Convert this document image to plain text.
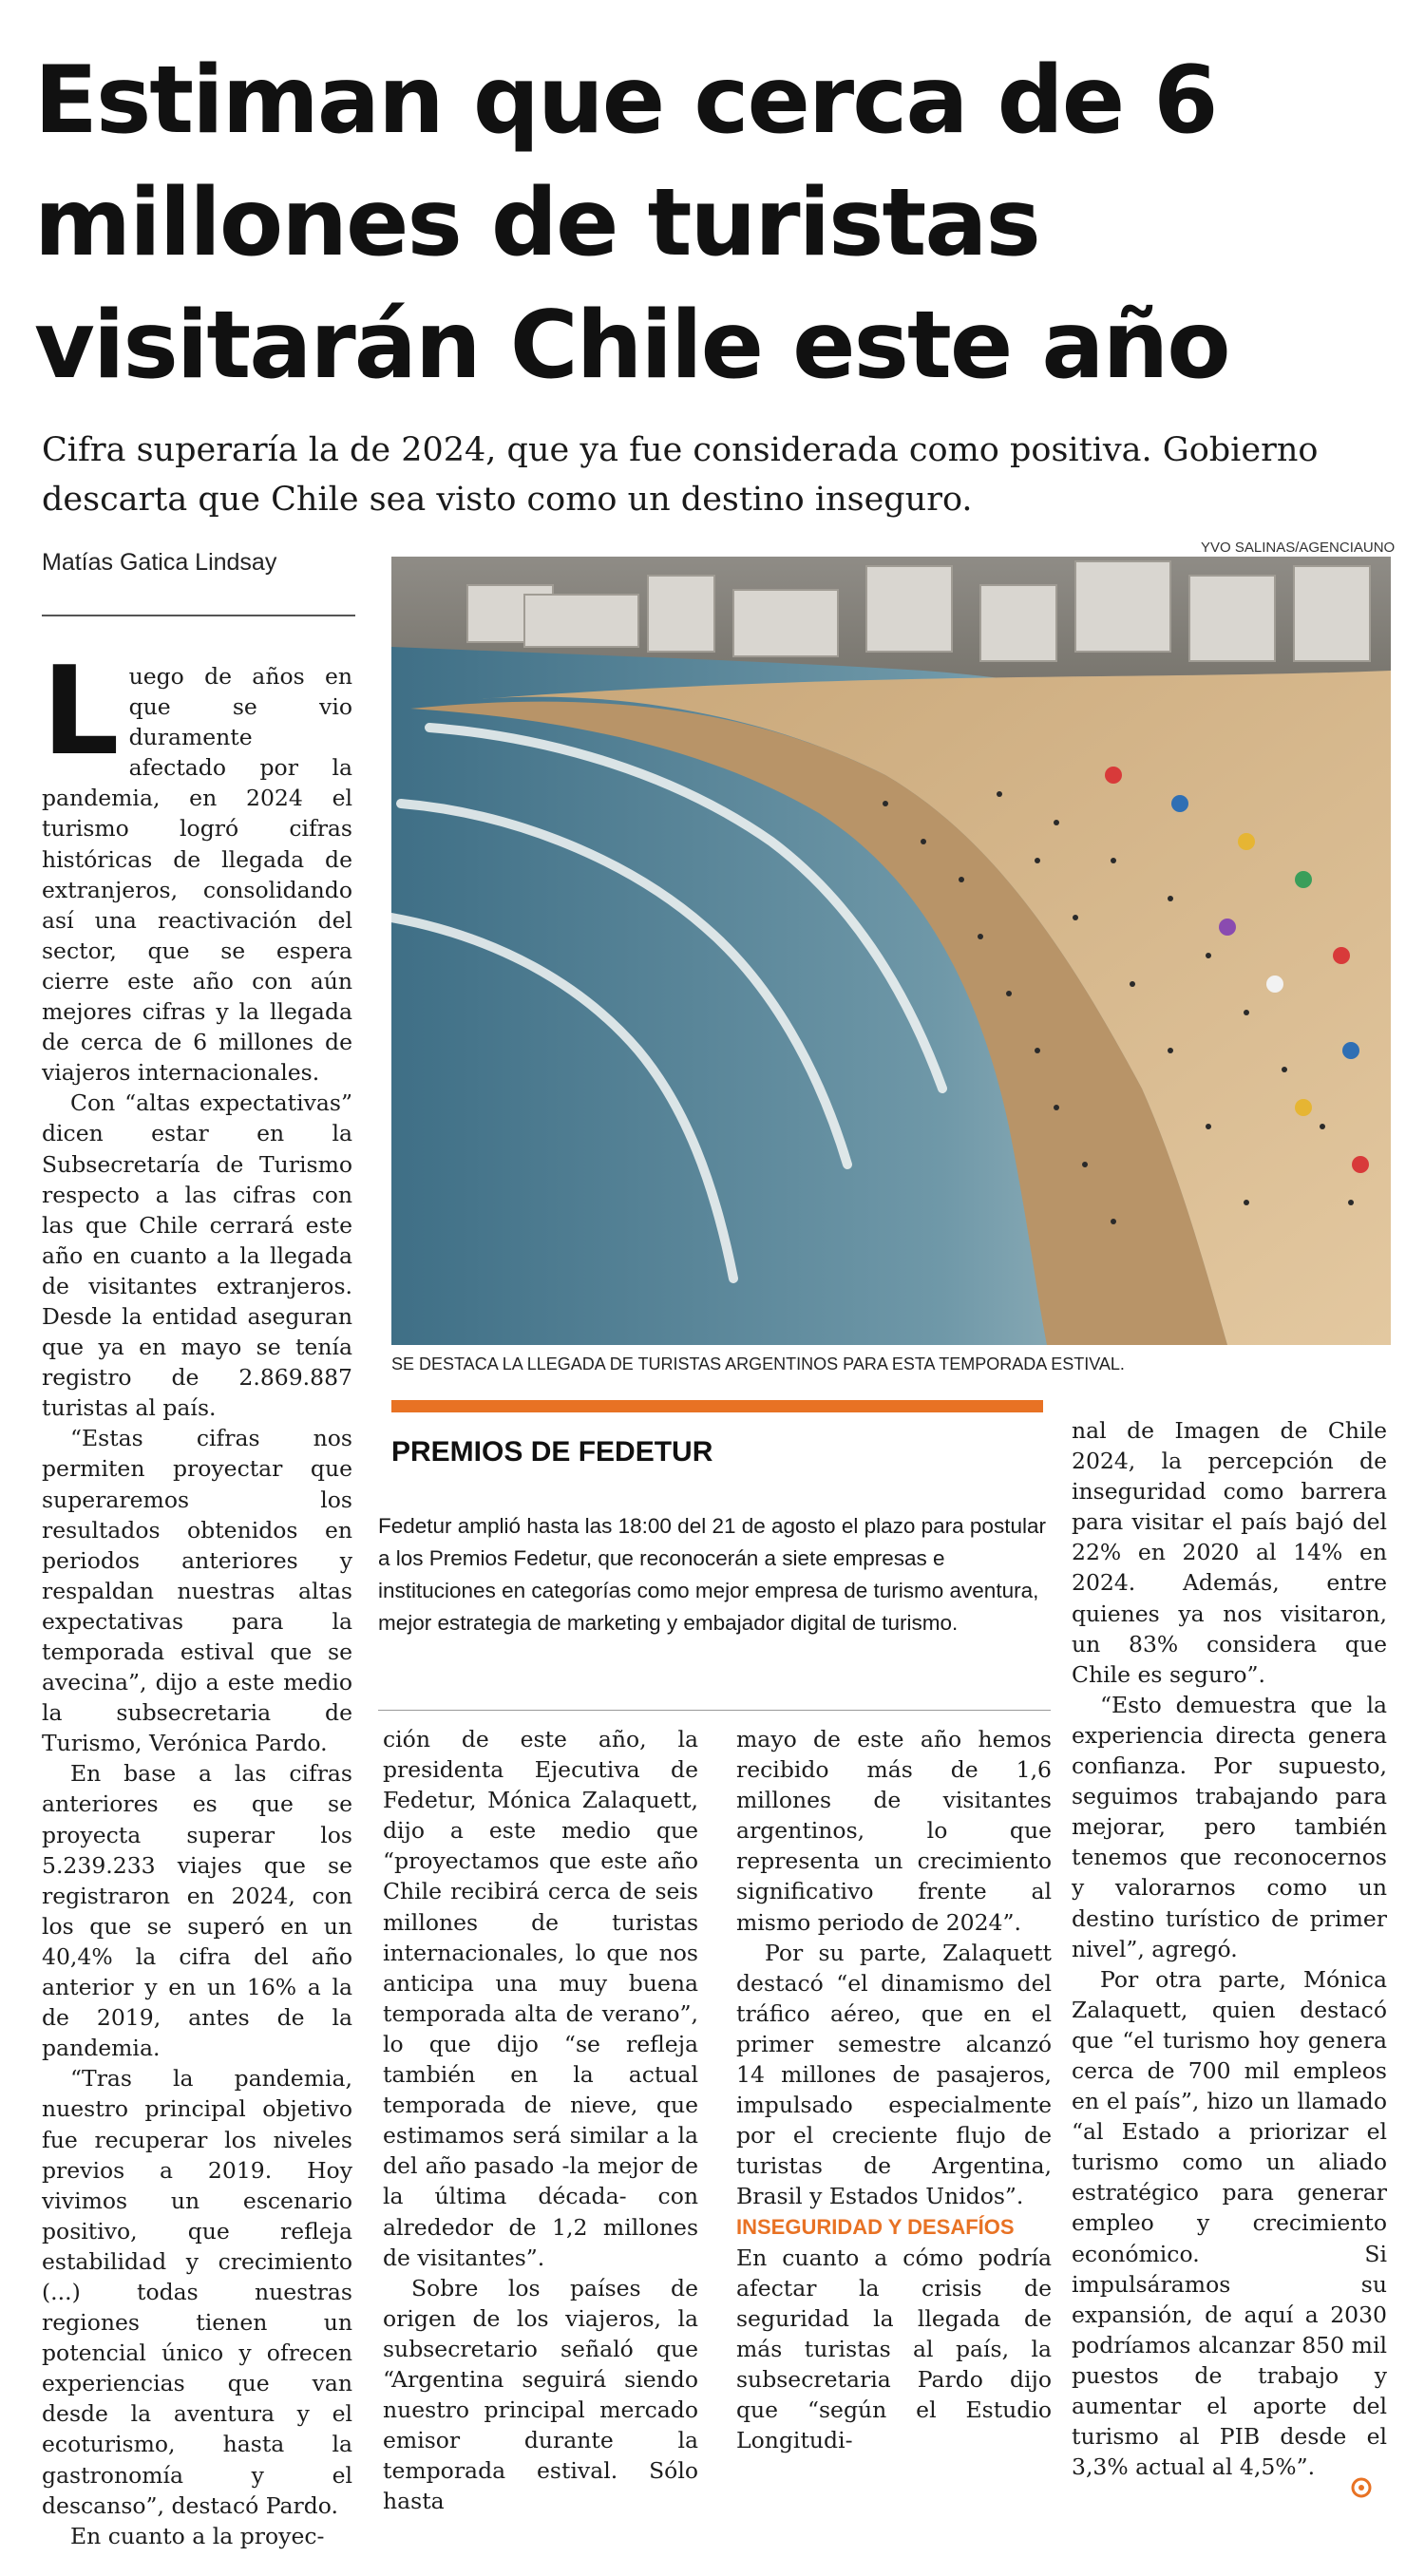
Estiman que cerca de 6 millones de turistas visitarán Chile este año

Cifra superaría la de 2024, que ya fue considerada como positiva. Gobierno descarta que Chile sea visto como un destino inseguro.

Matías Gatica Lindsay
YVO SALINAS/AGENCIAUNO
SE DESTACA LA LLEGADA DE TURISTAS ARGENTINOS PARA ESTA TEMPORADA ESTIVAL.

Luego de años en que se vio duramente afectado por la pandemia, en 2024 el turismo logró cifras históricas de llegada de extranjeros, consolidando así una reactivación del sector, que se espera cierre este año con aún mejores cifras y la llegada de cerca de 6 millones de viajeros internacionales.

Con “altas expectativas” dicen estar en la Subsecretaría de Turismo respecto a las cifras con las que Chile cerrará este año en cuanto a la llegada de visitantes extranjeros. Desde la entidad aseguran que ya en mayo se tenía registro de 2.869.887 turistas al país.

“Estas cifras nos permiten proyectar que superaremos los resultados obtenidos en periodos anteriores y respaldan nuestras altas expectativas para la temporada estival que se avecina”, dijo a este medio la subsecretaria de Turismo, Verónica Pardo.

En base a las cifras anteriores es que se proyecta superar los 5.239.233 viajes que se registraron en 2024, con los que se superó en un 40,4% la cifra del año anterior y en un 16% a la de 2019, antes de la pandemia.

“Tras la pandemia, nuestro principal objetivo fue recuperar los niveles previos a 2019. Hoy vivimos un escenario positivo, que refleja estabilidad y crecimiento (...) todas nuestras regiones tienen un potencial único y ofrecen experiencias que van desde la aventura y el ecoturismo, hasta la gastronomía y el descanso”, destacó Pardo.

En cuanto a la proyec-

PREMIOS DE FEDETUR

Fedetur amplió hasta las 18:00 del 21 de agosto el plazo para postular a los Premios Fedetur, que reconocerán a siete empresas e instituciones en categorías como mejor empresa de turismo aventura, mejor estrategia de marketing y embajador digital de turismo.

ción de este año, la presidenta Ejecutiva de Fedetur, Mónica Zalaquett, dijo a este medio que “proyectamos que este año Chile recibirá cerca de seis millones de turistas internacionales, lo que nos anticipa una muy buena temporada alta de verano”, lo que dijo “se refleja también en la actual temporada de nieve, que estimamos será similar a la del año pasado -la mejor de la última década- con alrededor de 1,2 millones de visitantes”.

Sobre los países de origen de los viajeros, la subsecretario señaló que “Argentina seguirá siendo nuestro principal mercado emisor durante la temporada estival. Sólo hasta

mayo de este año hemos recibido más de 1,6 millones de visitantes argentinos, lo que representa un crecimiento significativo frente al mismo periodo de 2024”.

Por su parte, Zalaquett destacó “el dinamismo del tráfico aéreo, que en el primer semestre alcanzó 14 millones de pasajeros, impulsado especialmente por el creciente flujo de turistas de Argentina, Brasil y Estados Unidos”.

INSEGURIDAD Y DESAFÍOS

En cuanto a cómo podría afectar la crisis de seguridad la llegada de más turistas al país, la subsecretaria Pardo dijo que “según el Estudio Longitudi-

nal de Imagen de Chile 2024, la percepción de inseguridad como barrera para visitar el país bajó del 22% en 2020 al 14% en 2024. Además, entre quienes ya nos visitaron, un 83% considera que Chile es seguro”.

“Esto demuestra que la experiencia directa genera confianza. Por supuesto, seguimos trabajando para mejorar, pero también tenemos que reconocernos y valorarnos como un destino turístico de primer nivel”, agregó.

Por otra parte, Mónica Zalaquett, quien destacó que “el turismo hoy genera cerca de 700 mil empleos en el país”, hizo un llamado “al Estado a priorizar el turismo como un aliado estratégico para generar empleo y crecimiento económico. Si impulsáramos su expansión, de aquí a 2030 podríamos alcanzar 850 mil puestos de trabajo y aumentar el aporte del turismo al PIB desde el 3,3% actual al 4,5%”.
